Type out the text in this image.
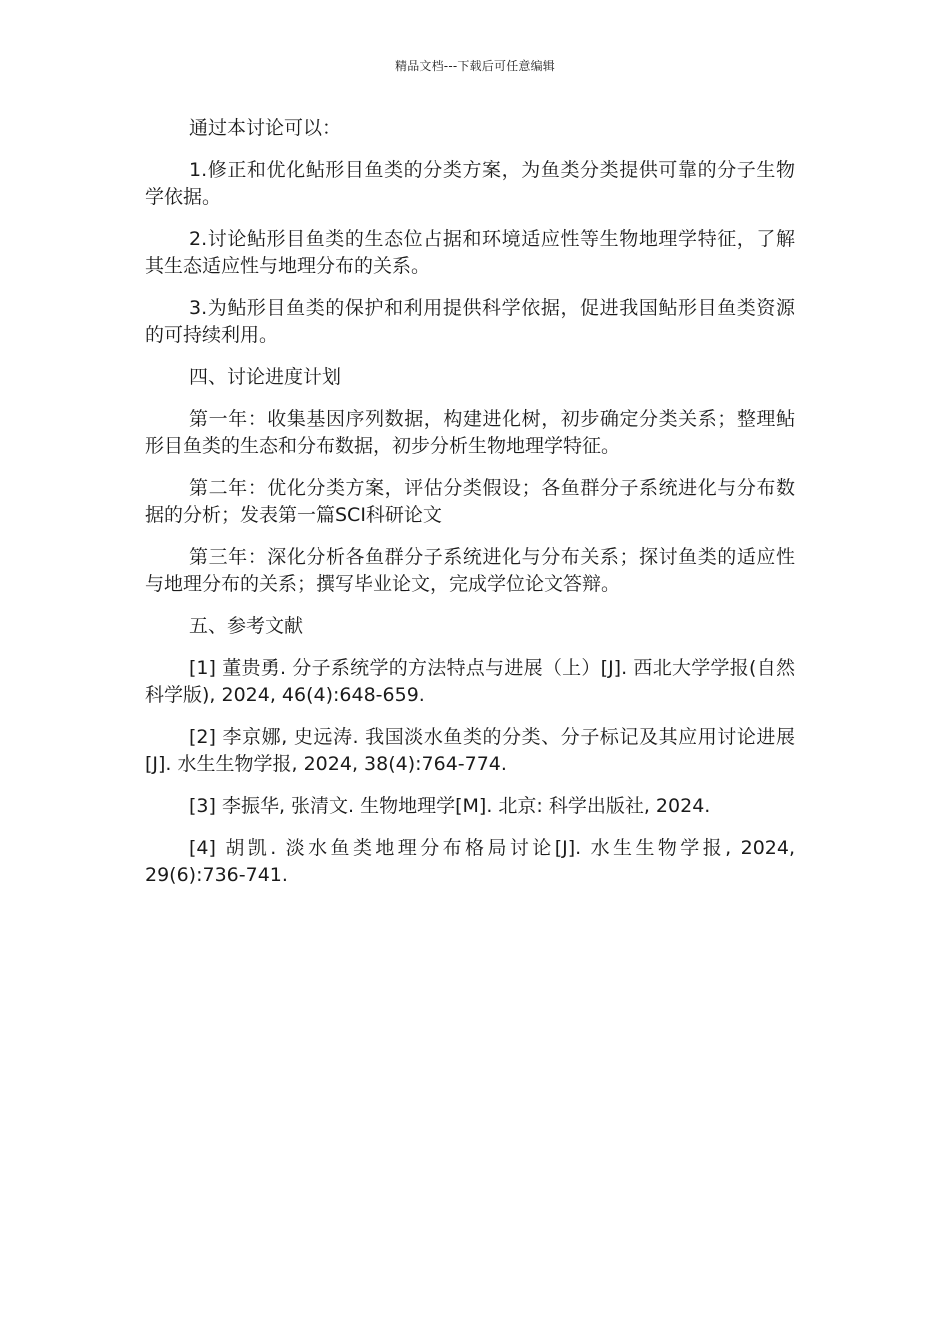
精品文档---下载后可任意编辑

通过本讨论可以：

1.修正和优化鲇形目鱼类的分类方案，为鱼类分类提供可靠的分子生物学依据。

2.讨论鲇形目鱼类的生态位占据和环境适应性等生物地理学特征，了解其生态适应性与地理分布的关系。

3.为鲇形目鱼类的保护和利用提供科学依据，促进我国鲇形目鱼类资源的可持续利用。

四、讨论进度计划

第一年：收集基因序列数据，构建进化树，初步确定分类关系；整理鲇形目鱼类的生态和分布数据，初步分析生物地理学特征。

第二年：优化分类方案，评估分类假设；各鱼群分子系统进化与分布数据的分析；发表第一篇SCI科研论文

第三年：深化分析各鱼群分子系统进化与分布关系；探讨鱼类的适应性与地理分布的关系；撰写毕业论文，完成学位论文答辩。

五、参考文献

[1] 董贵勇. 分子系统学的方法特点与进展（上）[J]. 西北大学学报(自然科学版), 2024, 46(4):648-659.

[2] 李京娜, 史远涛. 我国淡水鱼类的分类、分子标记及其应用讨论进展[J]. 水生生物学报, 2024, 38(4):764-774.

[3] 李振华, 张清文. 生物地理学[M]. 北京: 科学出版社, 2024.

[4] 胡凯. 淡水鱼类地理分布格局讨论[J]. 水生生物学报, 2024, 29(6):736-741.
